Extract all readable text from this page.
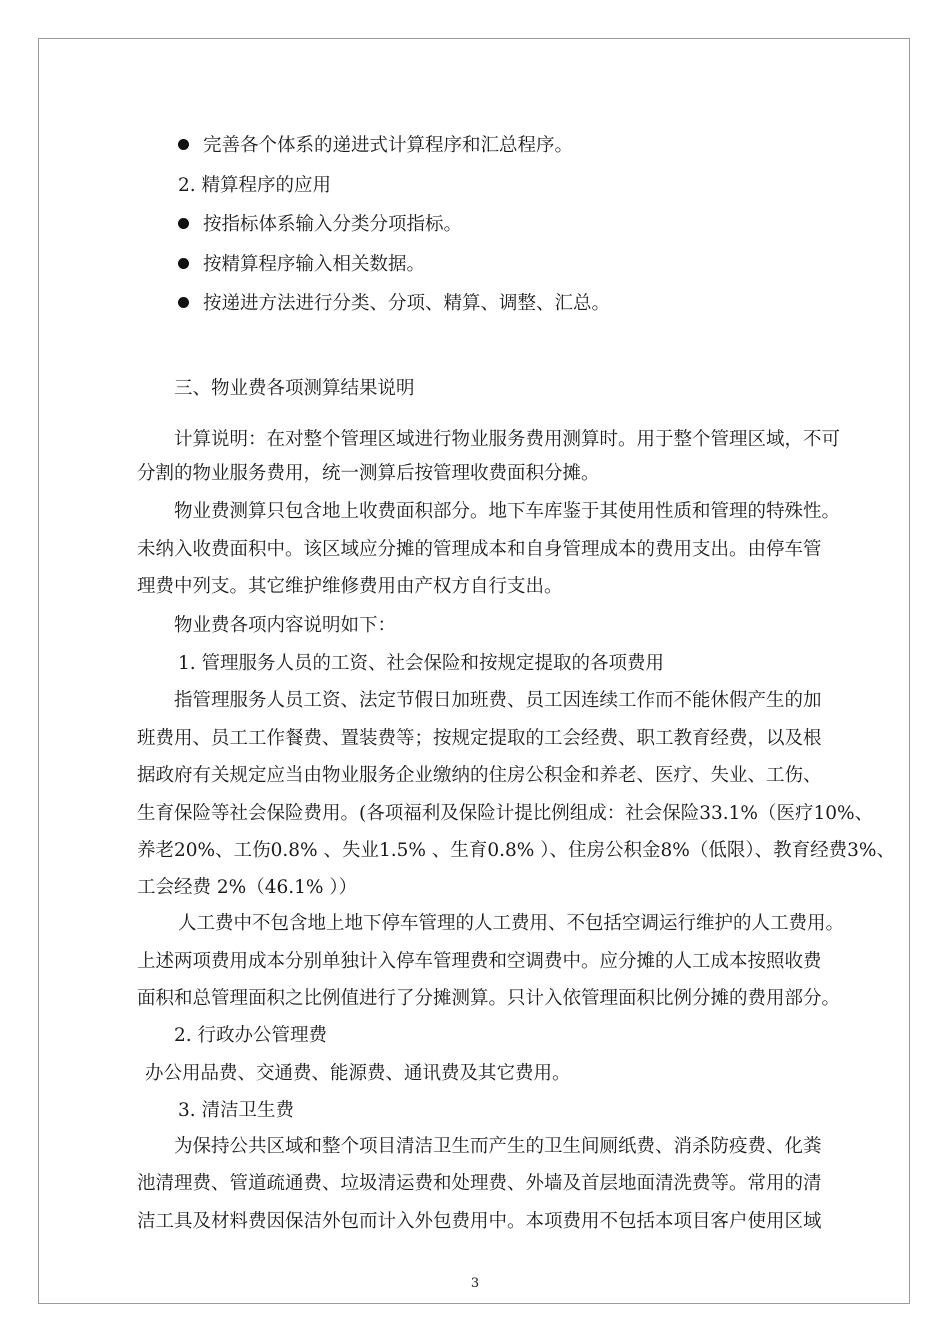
完善各个体系的递进式计算程序和汇总程序。
2. 精算程序的应用
按指标体系输入分类分项指标。
按精算程序输入相关数据。
按递进方法进行分类、分项、精算、调整、汇总。
三、物业费各项测算结果说明
计算说明：在对整个管理区域进行物业服务费用测算时。用于整个管理区域，不可
分割的物业服务费用，统一测算后按管理收费面积分摊。
物业费测算只包含地上收费面积部分。地下车库鉴于其使用性质和管理的特殊性。
未纳入收费面积中。该区域应分摊的管理成本和自身管理成本的费用支出。由停车管
理费中列支。其它维护维修费用由产权方自行支出。
物业费各项内容说明如下：
1. 管理服务人员的工资、社会保险和按规定提取的各项费用
指管理服务人员工资、法定节假日加班费、员工因连续工作而不能休假产生的加
班费用、员工工作餐费、置装费等；按规定提取的工会经费、职工教育经费，以及根
据政府有关规定应当由物业服务企业缴纳的住房公积金和养老、医疗、失业、工伤、
生育保险等社会保险费用。(各项福利及保险计提比例组成：社会保险33.1%（医疗10%、
养老20%、工伤0.8% 、失业1.5% 、生育0.8% ）、住房公积金8%（低限）、教育经费3%、
工会经费 2%（46.1% ））
人工费中不包含地上地下停车管理的人工费用、不包括空调运行维护的人工费用。
上述两项费用成本分别单独计入停车管理费和空调费中。应分摊的人工成本按照收费
面积和总管理面积之比例值进行了分摊测算。只计入依管理面积比例分摊的费用部分。
2. 行政办公管理费
办公用品费、交通费、能源费、通讯费及其它费用。
3. 清洁卫生费
为保持公共区域和整个项目清洁卫生而产生的卫生间厕纸费、消杀防疫费、化粪
池清理费、管道疏通费、垃圾清运费和处理费、外墙及首层地面清洗费等。常用的清
洁工具及材料费因保洁外包而计入外包费用中。本项费用不包括本项目客户使用区域
3
